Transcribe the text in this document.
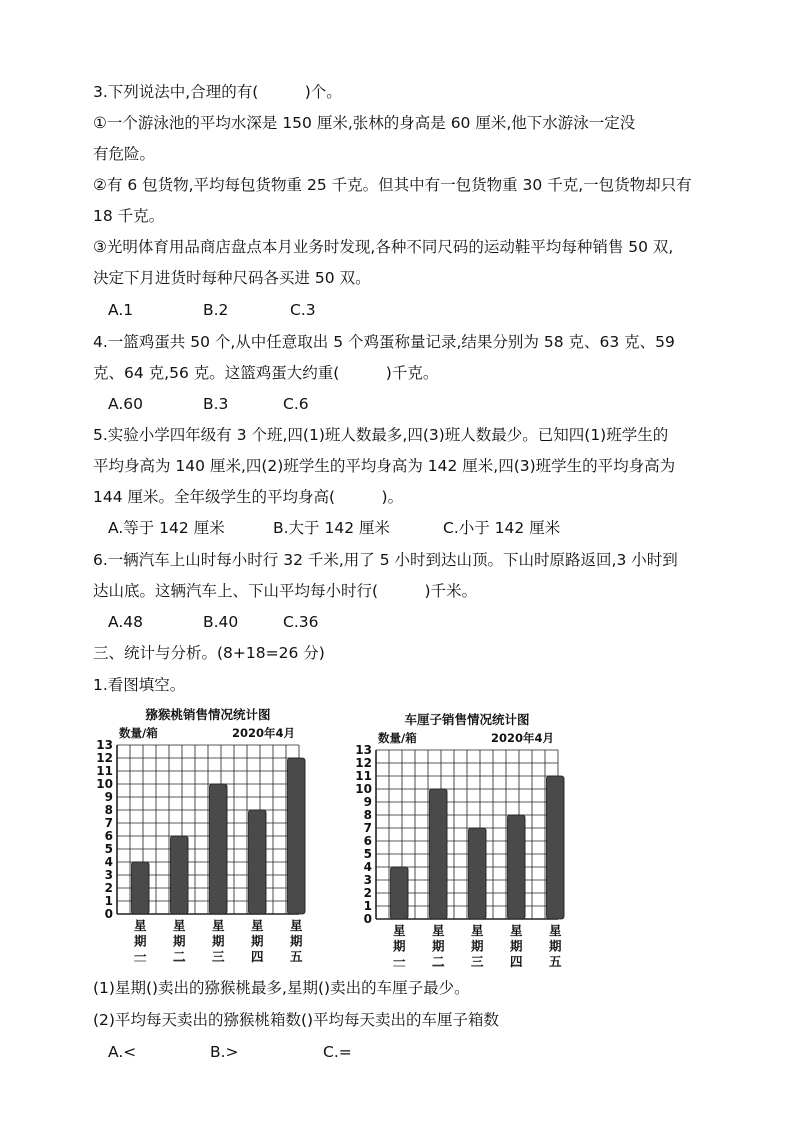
3.下列说法中,合理的有(　　　)个。
①一个游泳池的平均水深是 150 厘米,张林的身高是 60 厘米,他下水游泳一定没
有危险。
②有 6 包货物,平均每包货物重 25 千克。但其中有一包货物重 30 千克,一包货物却只有
18 千克。
③光明体育用品商店盘点本月业务时发现,各种不同尺码的运动鞋平均每种销售 50 双,
决定下月进货时每种尺码各买进 50 双。
A.1	B.2	C.3
4.一篮鸡蛋共 50 个,从中任意取出 5 个鸡蛋称量记录,结果分别为 58 克、63 克、59
克、64 克,56 克。这篮鸡蛋大约重(　　　)千克。
A.60	B.3	C.6
5.实验小学四年级有 3 个班,四(1)班人数最多,四(3)班人数最少。已知四(1)班学生的
平均身高为 140 厘米,四(2)班学生的平均身高为 142 厘米,四(3)班学生的平均身高为
144 厘米。全年级学生的平均身高(　　　)。
A.等于 142 厘米	B.大于 142 厘米	C.小于 142 厘米
6.一辆汽车上山时每小时行 32 千米,用了 5 小时到达山顶。下山时原路返回,3 小时到
达山底。这辆汽车上、下山平均每小时行(　　　)千米。
A.48	B.40	C.36
三、统计与分析。(8+18=26 分)
1.看图填空。
猕猴桃销售情况统计图
数量/箱	2020年4月
0
1
2
3
4
5
6
7
8
9
10
11
12
13
星
期
一
星
期
二
星
期
三
星
期
四
星
期
五
车厘子销售情况统计图
数量/箱	2020年4月
0
1
2
3
4
5
6
7
8
9
10
11
12
13
星
期
一
星
期
二
星
期
三
星
期
四
星
期
五
(1)星期()卖出的猕猴桃最多,星期()卖出的车厘子最少。
(2)平均每天卖出的猕猴桃箱数()平均每天卖出的车厘子箱数
A.<	B.>	C.=
